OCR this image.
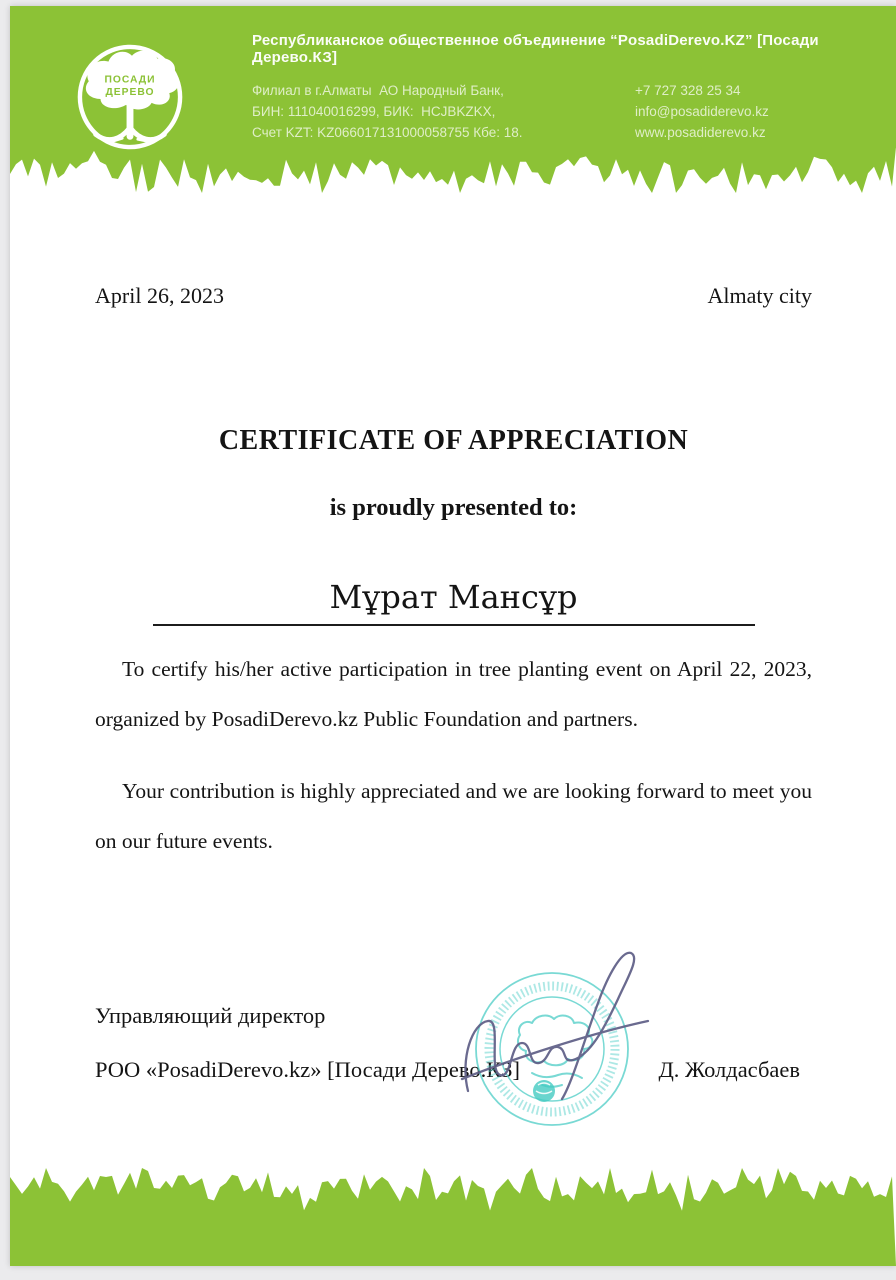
ПОСАДИ
ДЕРЕВО
Республиканское общественное объединение “PosadiDerevo.KZ” [Посади Дерево.КЗ]
Филиал в г.Алматы  АО Народный Банк,
БИН: 111040016299, БИК:  HCJBKZKX,
Счет KZT: KZ066017131000058755 Кбе: 18.
+7 727 328 25 34
info@posadiderevo.kz
www.posadiderevo.kz
April 26, 2023	Almaty city
CERTIFICATE OF APPRECIATION
is proudly presented to:
Мұрат Мансұр

To certify his/her active participation in tree planting event on April 22, 2023, organized by PosadiDerevo.kz Public Foundation and partners.

Your contribution is highly appreciated and we are looking forward to meet you on our future events.

Управляющий директор
РОО «PosadiDerevo.kz» [Посади Дерево.КЗ]	Д. Жолдасбаев
